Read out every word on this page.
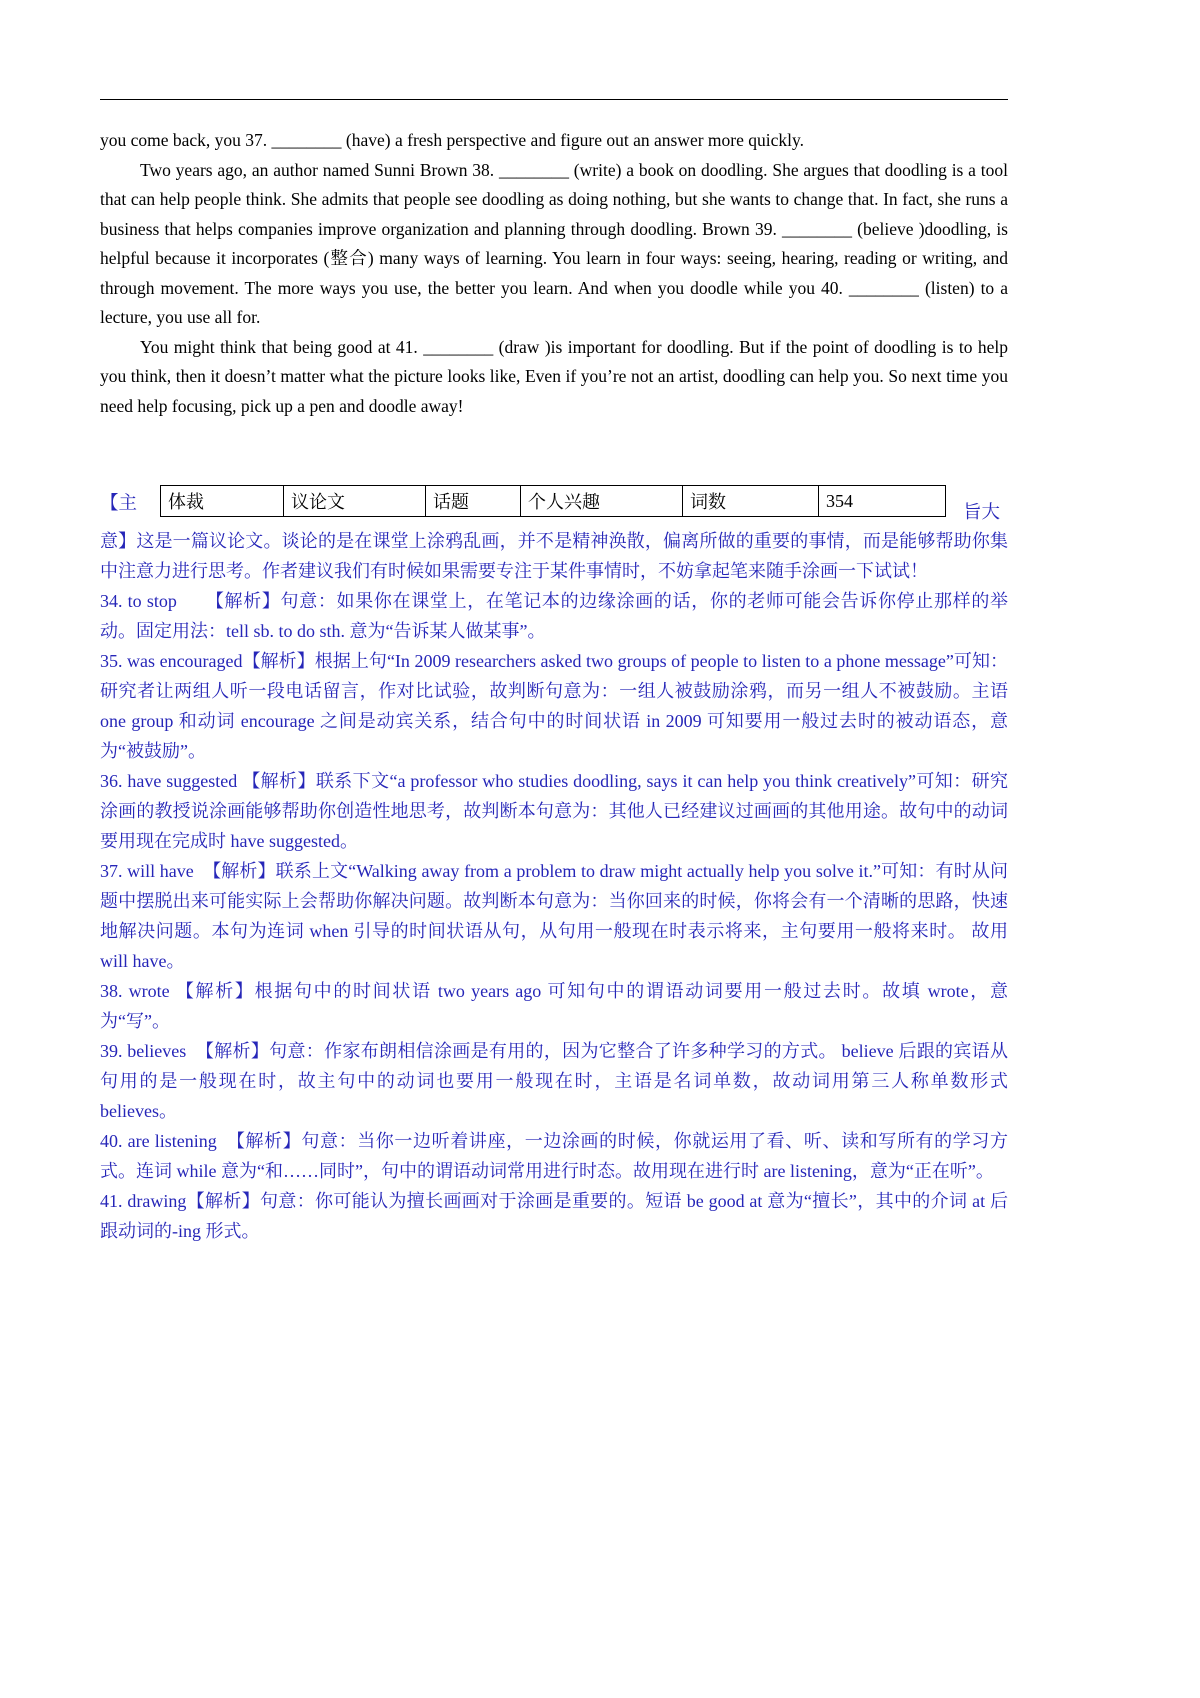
you come back, you 37. ________ (have) a fresh perspective and figure out an answer more quickly.

Two years ago, an author named Sunni Brown 38. ________ (write) a book on doodling. She argues that doodling is a tool that can help people think. She admits that people see doodling as doing nothing, but she wants to change that. In fact, she runs a business that helps companies improve organization and planning through doodling. Brown 39. ________ (believe )doodling, is helpful because it incorporates (整合) many ways of learning. You learn in four ways: seeing, hearing, reading or writing, and through movement. The more ways you use, the better you learn. And when you doodle while you 40. ________ (listen) to a lecture, you use all for.

You might think that being good at 41. ________ (draw )is important for doodling. But if the point of doodling is to help you think, then it doesn’t matter what the picture looks like, Even if you’re not an artist, doodling can help you. So next time you need help focusing, pick up a pen and doodle away!

【主	体裁	议论文	话题	个人兴趣	词数	354
旨大

意】这是一篇议论文。谈论的是在课堂上涂鸦乱画，并不是精神涣散，偏离所做的重要的事情，而是能够帮助你集中注意力进行思考。作者建议我们有时候如果需要专注于某件事情时，不妨拿起笔来随手涂画一下试试！

34. to stop　　【解析】句意：如果你在课堂上，在笔记本的边缘涂画的话，你的老师可能会告诉你停止那样的举动。固定用法：tell sb. to do sth. 意为“告诉某人做某事”。

35. was encouraged【解析】根据上句“In 2009 researchers asked two groups of people to listen to a phone message”可知：研究者让两组人听一段电话留言，作对比试验，故判断句意为：一组人被鼓励涂鸦，而另一组人不被鼓励。主语 one group 和动词 encourage 之间是动宾关系，结合句中的时间状语 in 2009 可知要用一般过去时的被动语态，意为“被鼓励”。

36. have suggested 【解析】联系下文“a professor who studies doodling, says it can help you think creatively”可知：研究涂画的教授说涂画能够帮助你创造性地思考，故判断本句意为：其他人已经建议过画画的其他用途。故句中的动词要用现在完成时 have suggested。

37. will have　【解析】联系上文“Walking away from a problem to draw might actually help you solve it.”可知：有时从问题中摆脱出来可能实际上会帮助你解决问题。故判断本句意为：当你回来的时候，你将会有一个清晰的思路，快速地解决问题。本句为连词 when 引导的时间状语从句，从句用一般现在时表示将来，主句要用一般将来时。 故用 will have。

38. wrote 【解析】根据句中的时间状语 two years ago 可知句中的谓语动词要用一般过去时。故填 wrote，意为“写”。

39. believes　【解析】句意：作家布朗相信涂画是有用的，因为它整合了许多种学习的方式。 believe 后跟的宾语从句用的是一般现在时，故主句中的动词也要用一般现在时，主语是名词单数，故动词用第三人称单数形式 believes。

40. are listening　【解析】句意：当你一边听着讲座，一边涂画的时候，你就运用了看、听、读和写所有的学习方式。连词 while 意为“和……同时”，句中的谓语动词常用进行时态。故用现在进行时 are listening，意为“正在听”。

41. drawing【解析】句意：你可能认为擅长画画对于涂画是重要的。短语 be good at 意为“擅长”，其中的介词 at 后跟动词的-ing 形式。
